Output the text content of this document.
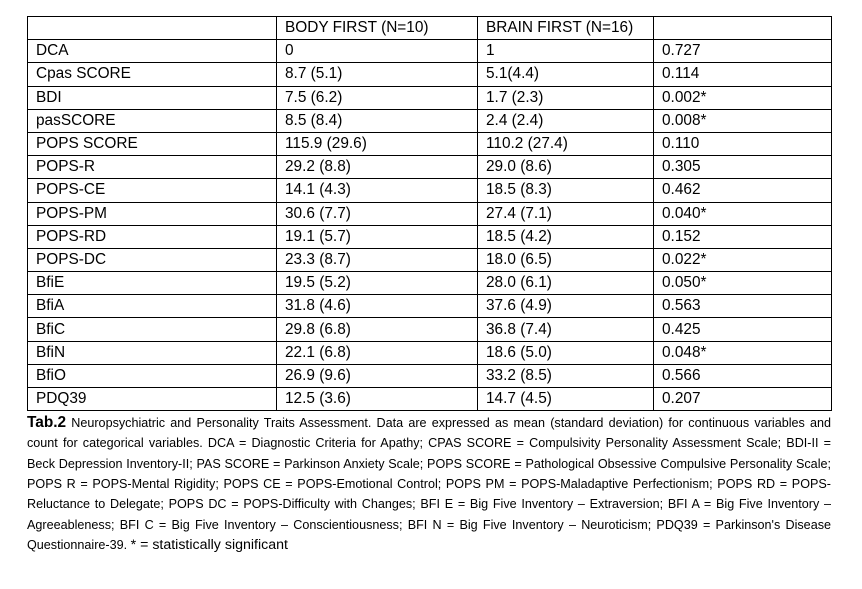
	BODY FIRST (N=10)	BRAIN FIRST (N=16)	
DCA	0	1	0.727
Cpas SCORE	8.7 (5.1)	5.1(4.4)	0.114
BDI	7.5 (6.2)	1.7 (2.3)	0.002*
pasSCORE	8.5 (8.4)	2.4 (2.4)	0.008*
POPS SCORE	115.9 (29.6)	110.2 (27.4)	0.110
POPS-R	29.2 (8.8)	29.0 (8.6)	0.305
POPS-CE	14.1 (4.3)	18.5 (8.3)	0.462
POPS-PM	30.6 (7.7)	27.4 (7.1)	0.040*
POPS-RD	19.1 (5.7)	18.5 (4.2)	0.152
POPS-DC	23.3 (8.7)	18.0 (6.5)	0.022*
BfiE	19.5 (5.2)	28.0 (6.1)	0.050*
BfiA	31.8 (4.6)	37.6 (4.9)	0.563
BfiC	29.8 (6.8)	36.8 (7.4)	0.425
BfiN	22.1 (6.8)	18.6 (5.0)	0.048*
BfiO	26.9 (9.6)	33.2 (8.5)	0.566
PDQ39	12.5 (3.6)	14.7 (4.5)	0.207
Tab.2 Neuropsychiatric and Personality Traits Assessment. Data are expressed as mean (standard deviation) for continuous variables and count for categorical variables. DCA = Diagnostic Criteria for Apathy; CPAS SCORE = Compulsivity Personality Assessment Scale; BDI-II = Beck Depression Inventory-II; PAS SCORE = Parkinson Anxiety Scale; POPS SCORE = Pathological Obsessive Compulsive Personality Scale; POPS R = POPS-Mental Rigidity; POPS CE = POPS-Emotional Control; POPS PM = POPS-Maladaptive Perfectionism; POPS RD = POPS-Reluctance to Delegate; POPS DC = POPS-Difficulty with Changes; BFI E = Big Five Inventory – Extraversion; BFI A = Big Five Inventory – Agreeableness; BFI C = Big Five Inventory – Conscientiousness; BFI N = Big Five Inventory – Neuroticism; PDQ39 = Parkinson's Disease Questionnaire-39. * = statistically significant
